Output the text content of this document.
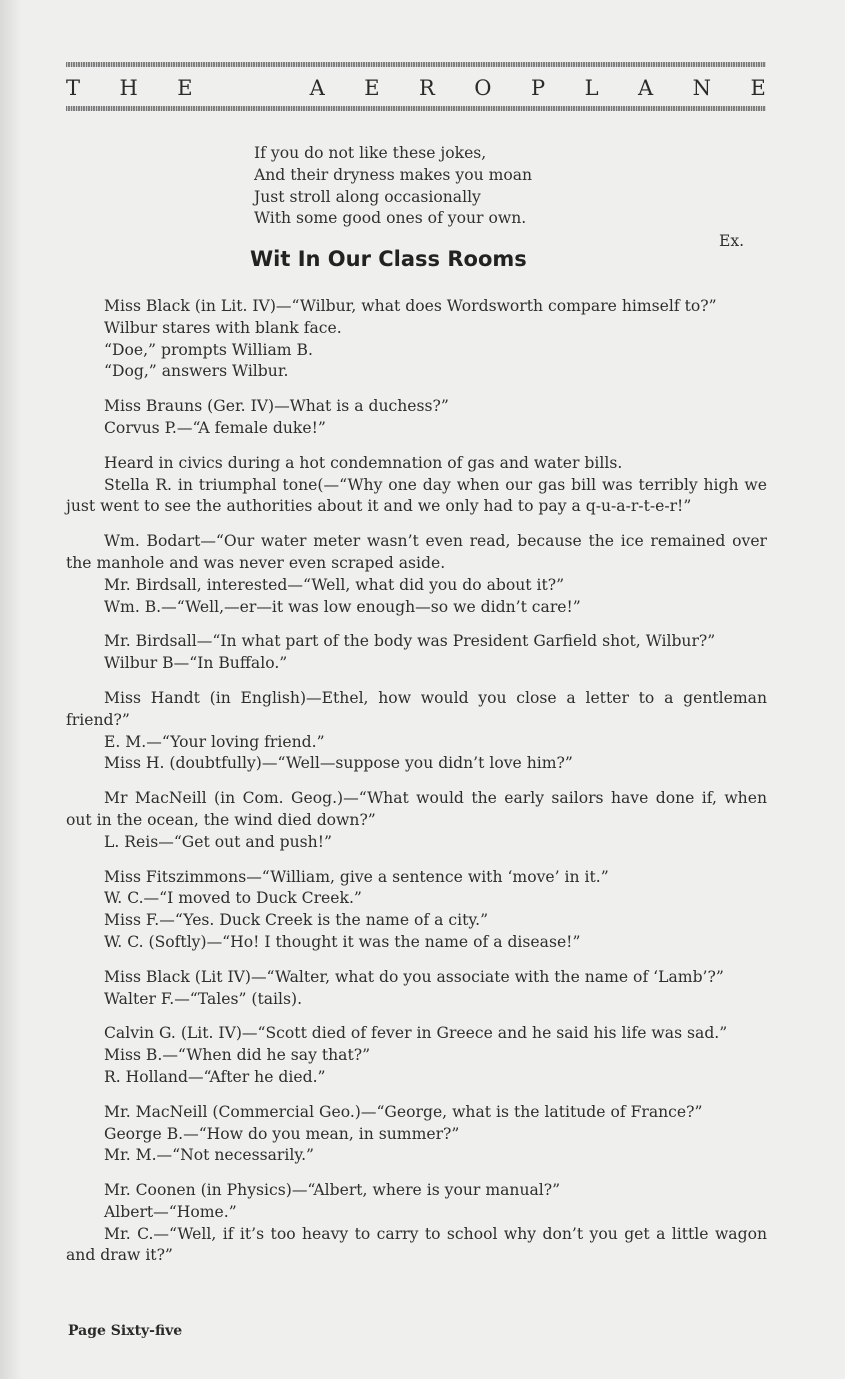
T H E	A E R O P L A N E
If you do not like these jokes,
And their dryness makes you moan
Just stroll along occasionally
With some good ones of your own.
Ex.
Wit In Our Class Rooms
Miss Black (in Lit. IV)—“Wilbur, what does Wordsworth compare himself to?”
Wilbur stares with blank face.
“Doe,” prompts William B.
“Dog,” answers Wilbur.
Miss Brauns (Ger. IV)—What is a duchess?”
Corvus P.—“A female duke!”
Heard in civics during a hot condemnation of gas and water bills.
Stella R. in triumphal tone(—“Why one day when our gas bill was terribly high we just went to see the authorities about it and we only had to pay a q-u-a-r-t-e-r!”
Wm. Bodart—“Our water meter wasn’t even read, because the ice remained over the manhole and was never even scraped aside.
Mr. Birdsall, interested—“Well, what did you do about it?”
Wm. B.—“Well,—er—it was low enough—so we didn’t care!”
Mr. Birdsall—“In what part of the body was President Garfield shot, Wilbur?”
Wilbur B—“In Buffalo.”
Miss Handt (in English)—Ethel, how would you close a letter to a gentleman friend?”
E. M.—“Your loving friend.”
Miss H. (doubtfully)—“Well—suppose you didn’t love him?”
Mr MacNeill (in Com. Geog.)—“What would the early sailors have done if, when out in the ocean, the wind died down?”
L. Reis—“Get out and push!”
Miss Fitszimmons—“William, give a sentence with ‘move’ in it.”
W. C.—“I moved to Duck Creek.”
Miss F.—“Yes. Duck Creek is the name of a city.”
W. C. (Softly)—“Ho! I thought it was the name of a disease!”
Miss Black (Lit IV)—“Walter, what do you associate with the name of ‘Lamb’?”
Walter F.—“Tales” (tails).
Calvin G. (Lit. IV)—“Scott died of fever in Greece and he said his life was sad.”
Miss B.—“When did he say that?”
R. Holland—“After he died.”
Mr. MacNeill (Commercial Geo.)—“George, what is the latitude of France?”
George B.—“How do you mean, in summer?”
Mr. M.—“Not necessarily.”
Mr. Coonen (in Physics)—“Albert, where is your manual?”
Albert—“Home.”
Mr. C.—“Well, if it’s too heavy to carry to school why don’t you get a little wagon and draw it?”
Page Sixty-five
